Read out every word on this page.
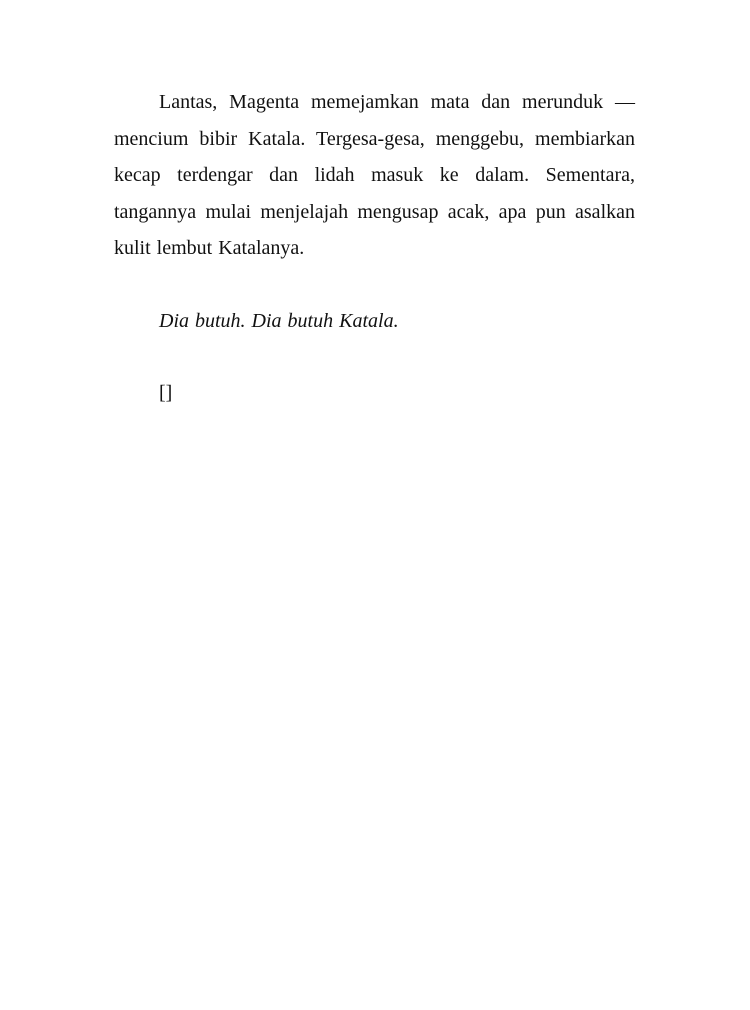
Lantas, Magenta memejamkan mata dan merunduk — mencium bibir Katala. Tergesa-gesa, menggebu, membiarkan kecap terdengar dan lidah masuk ke dalam. Sementara, tangannya mulai menjelajah mengusap acak, apa pun asalkan kulit lembut Katalanya.

Dia butuh. Dia butuh Katala.

[]
